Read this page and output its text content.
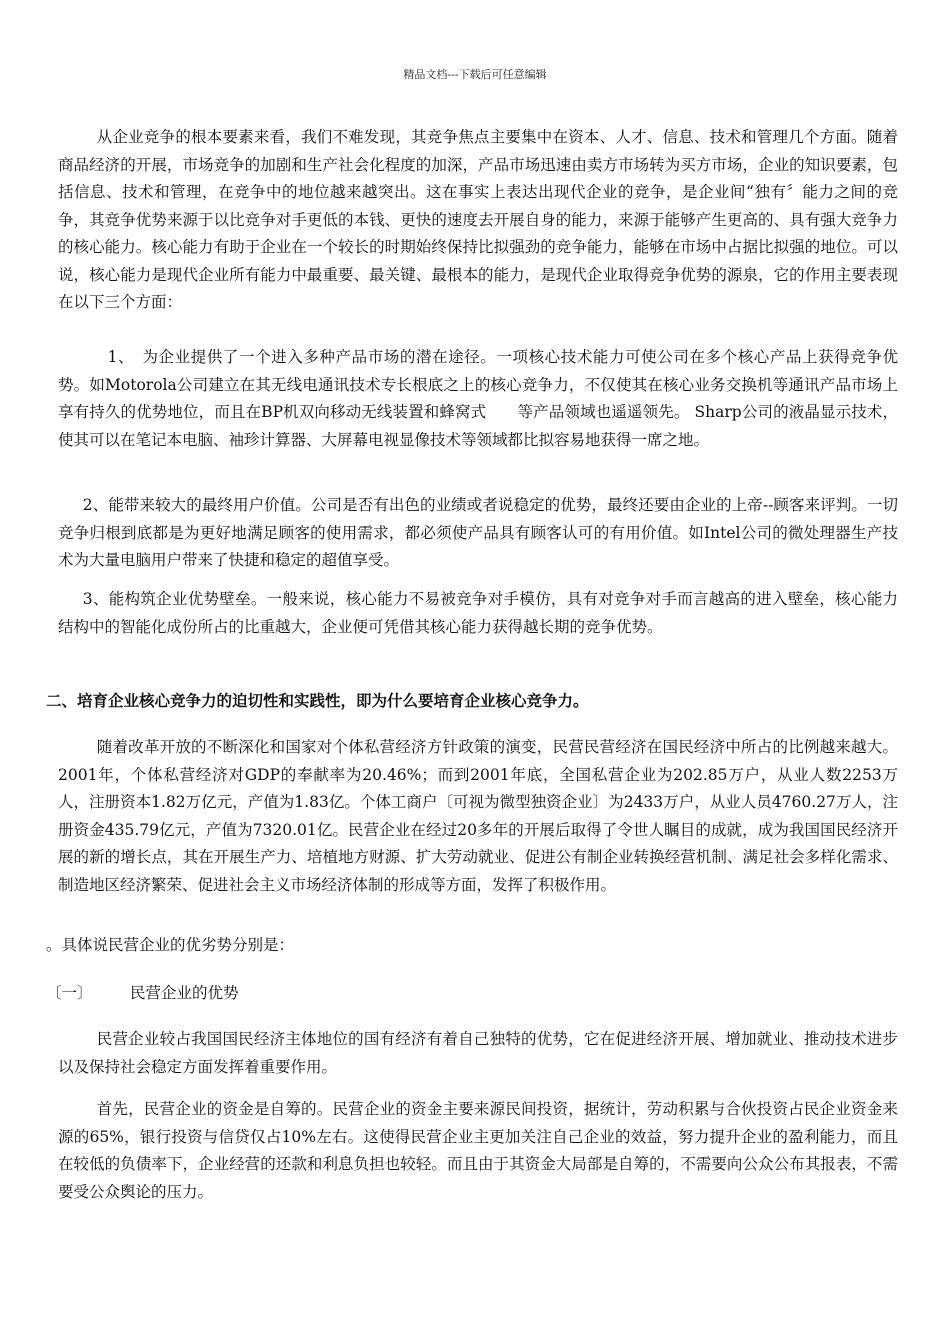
精品文档---下载后可任意编辑

从企业竞争的根本要素来看，我们不难发现，其竞争焦点主要集中在资本、人才、信息、技术和管理几个方面。随着商品经济的开展，市场竞争的加剧和生产社会化程度的加深，产品市场迅速由卖方市场转为买方市场，企业的知识要素，包括信息、技术和管理，在竞争中的地位越来越突出。这在事实上表达出现代企业的竞争，是企业间“独有〞能力之间的竞争，其竞争优势来源于以比竞争对手更低的本钱、更快的速度去开展自身的能力，来源于能够产生更高的、具有强大竞争力的核心能力。核心能力有助于企业在一个较长的时期始终保持比拟强劲的竞争能力，能够在市场中占据比拟强的地位。可以说，核心能力是现代企业所有能力中最重要、最关键、最根本的能力，是现代企业取得竞争优势的源泉，它的作用主要表现在以下三个方面：

1、　为企业提供了一个进入多种产品市场的潜在途径。一项核心技术能力可使公司在多个核心产品上获得竞争优势。如Motorola公司建立在其无线电通讯技术专长根底之上的核心竞争力，不仅使其在核心业务交换机等通讯产品市场上享有持久的优势地位，而且在BP机双向移动无线装置和蜂窝式　　等产品领域也遥遥领先。 Sharp公司的液晶显示技术，使其可以在笔记本电脑、袖珍计算器、大屏幕电视显像技术等领域都比拟容易地获得一席之地。

2、能带来较大的最终用户价值。公司是否有出色的业绩或者说稳定的优势，最终还要由企业的上帝--顾客来评判。一切竞争归根到底都是为更好地满足顾客的使用需求，都必须使产品具有顾客认可的有用价值。如Intel公司的微处理器生产技术为大量电脑用户带来了快捷和稳定的超值享受。

3、能构筑企业优势壁垒。一般来说，核心能力不易被竞争对手模仿，具有对竞争对手而言越高的进入壁垒，核心能力结构中的智能化成份所占的比重越大，企业便可凭借其核心能力获得越长期的竞争优势。

二、培育企业核心竞争力的迫切性和实践性，即为什么要培育企业核心竞争力。

随着改革开放的不断深化和国家对个体私营经济方针政策的演变，民营民营经济在国民经济中所占的比例越来越大。2001年，个体私营经济对GDP的奉献率为20.46%；而到2001年底，全国私营企业为202.85万户，从业人数2253万人，注册资本1.82万亿元，产值为1.83亿。个体工商户〔可视为微型独资企业〕为2433万户，从业人员4760.27万人，注册资金435.79亿元，产值为7320.01亿。民营企业在经过20多年的开展后取得了令世人瞩目的成就，成为我国国民经济开展的新的增长点，其在开展生产力、培植地方财源、扩大劳动就业、促进公有制企业转换经营机制、满足社会多样化需求、制造地区经济繁荣、促进社会主义市场经济体制的形成等方面，发挥了积极作用。

。具体说民营企业的优劣势分别是：
〔一〕 民营企业的优势

民营企业较占我国国民经济主体地位的国有经济有着自己独特的优势，它在促进经济开展、增加就业、推动技术进步以及保持社会稳定方面发挥着重要作用。

首先，民营企业的资金是自筹的。民营企业的资金主要来源民间投资，据统计，劳动积累与合伙投资占民企业资金来源的65%，银行投资与信贷仅占10%左右。这使得民营企业主更加关注自己企业的效益，努力提升企业的盈利能力，而且在较低的负债率下，企业经营的还款和利息负担也较轻。而且由于其资金大局部是自筹的，不需要向公众公布其报表，不需要受公众舆论的压力。
